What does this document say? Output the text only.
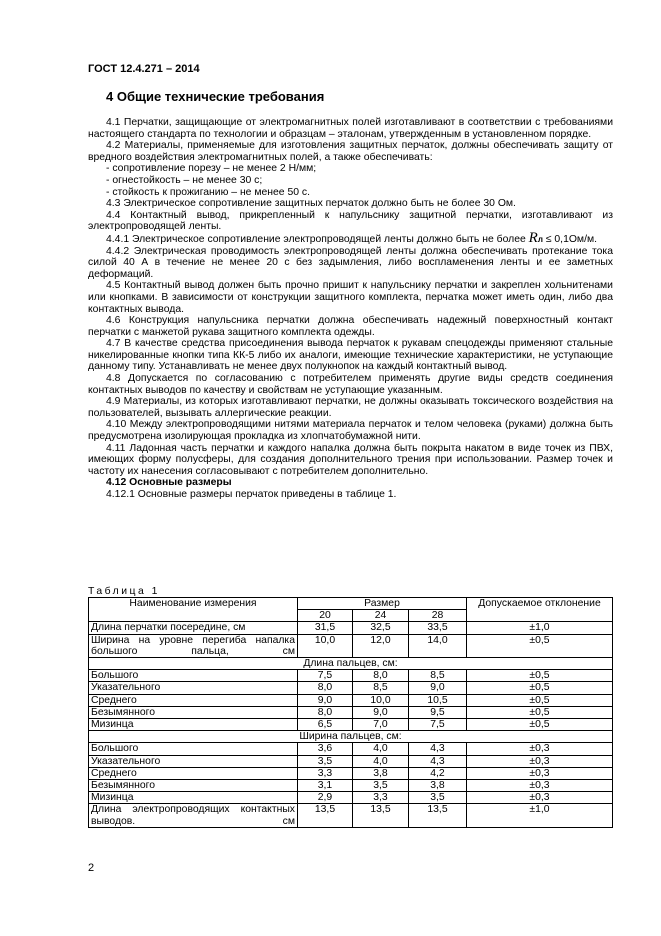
ГОСТ 12.4.271 – 2014
4 Общие технические требования

4.1 Перчатки, защищающие от электромагнитных полей изготавливают в соответствии с требованиями настоящего стандарта по технологии и образцам – эталонам, утвержденным в установленном порядке.

4.2 Материалы, применяемые для изготовления защитных перчаток, должны обеспечивать защиту от вредного воздействия электромагнитных полей, а также обеспечивать:

- сопротивление порезу – не менее 2 Н/мм;

- огнестойкость – не менее 30 с;

- стойкость к прожиганию – не менее 50 с.

4.3 Электрическое сопротивление защитных перчаток должно быть не более 30 Ом.

4.4 Контактный вывод, прикрепленный к напульснику защитной перчатки, изготавливают из электропроводящей ленты.

4.4.1 Электрическое сопротивление электропроводящей ленты должно быть не более Rл ≤ 0,1Ом/м.

4.4.2 Электрическая проводимость электропроводящей ленты должна обеспечивать протекание тока силой 40 А в течение не менее 20 с без задымления, либо воспламенения ленты и ее заметных деформаций.

4.5 Контактный вывод должен быть прочно пришит к напульснику перчатки и закреплен хольнитенами или кнопками. В зависимости от конструкции защитного комплекта, перчатка может иметь один, либо два контактных вывода.

4.6 Конструкция напульсника перчатки должна обеспечивать надежный поверхностный контакт перчатки с манжетой рукава защитного комплекта одежды.

4.7 В качестве средства присоединения вывода перчаток к рукавам спецодежды применяют стальные никелированные кнопки типа КК-5 либо их аналоги, имеющие технические характеристики, не уступающие данному типу. Устанавливать не менее двух полукнопок на каждый контактный вывод.

4.8 Допускается по согласованию с потребителем применять другие виды средств соединения контактных выводов по качеству и свойствам не уступающие указанным.

4.9 Материалы, из которых изготавливают перчатки, не должны оказывать токсического воздействия на пользователей, вызывать аллергические реакции.

4.10 Между электропроводящими нитями материала перчаток и телом человека (руками) должна быть предусмотрена изолирующая прокладка из хлопчатобумажной нити.

4.11 Ладонная часть перчатки и каждого напалка должна быть покрыта накатом в виде точек из ПВХ, имеющих форму полусферы, для создания дополнительного трения при использовании. Размер точек и частоту их нанесения согласовывают с потребителем дополнительно.

4.12 Основные размеры

4.12.1 Основные размеры перчаток приведены в таблице 1.

Таблица 1
Наименование измерения	Размер			Допускаемое отклонение
	20	24	28	
Длина перчатки посередине, см	31,5	32,5	33,5	±1,0
Ширина на уровне перегиба напалка большого пальца, см	10,0	12,0	14,0	±0,5
Длина пальцев, см:				
Большого	7,5	8,0	8,5	±0,5
Указательного	8,0	8,5	9,0	±0,5
Среднего	9,0	10,0	10,5	±0,5
Безымянного	8,0	9,0	9,5	±0,5
Мизинца	6,5	7,0	7,5	±0,5
Ширина пальцев, см:				
Большого	3,6	4,0	4,3	±0,3
Указательного	3,5	4,0	4,3	±0,3
Среднего	3,3	3,8	4,2	±0,3
Безымянного	3,1	3,5	3,8	±0,3
Мизинца	2,9	3,3	3,5	±0,3
Длина электропроводящих контактных выводов. см	13,5	13,5	13,5	±1,0
2
